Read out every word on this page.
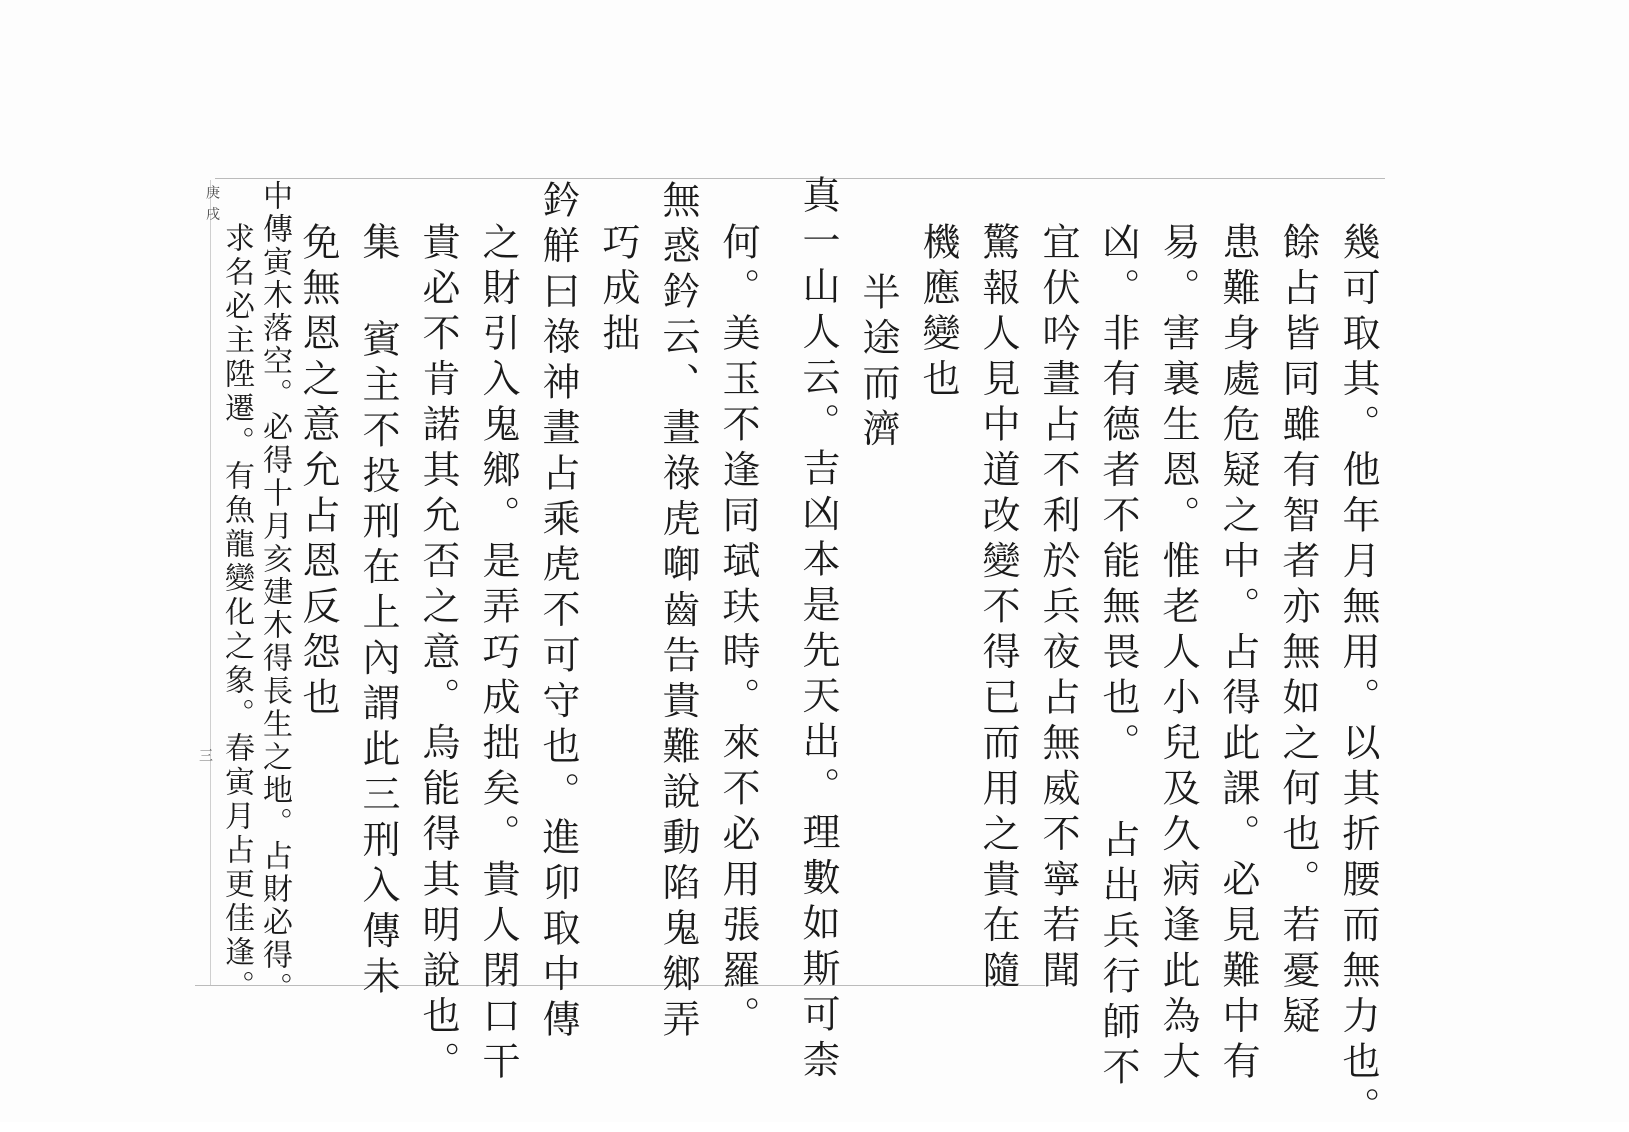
庚戌
三	幾可取其。他年月無用。以其折腰而無力也。
餘占皆同雖有智者亦無如之何也。若憂疑
患難身處危疑之中。占得此課。必見難中有
易。害裏生恩。惟老人小兒及久病逢此為大
凶。非有德者不能無畏也。 占出兵行師不
宜伏吟晝占不利於兵夜占無威不寧若聞
驚報人見中道改變不得已而用之貴在隨
機應變也
半途而濟
真一山人云。吉凶本是先天出。理數如斯可柰
何。美玉不逢同珷玞時。來不必用張羅。
無惑鈐云、晝祿虎啣齒告貴難說動陷鬼鄉弄
巧成拙
鈐觧曰祿神晝占乘虎不可守也。進卯取中傳
之財引入鬼鄉。是弄巧成拙矣。貴人閉口干
貴必不肯諾其允否之意。烏能得其明說也。
集 賓主不投刑在上內謂此三刑入傳未
免無恩之意允占恩反怨也
中傳寅木落空。必得十月亥建木得長生之地。占財必得。
求名必主陞遷。有魚龍變化之象。春寅月占更佳逢。
